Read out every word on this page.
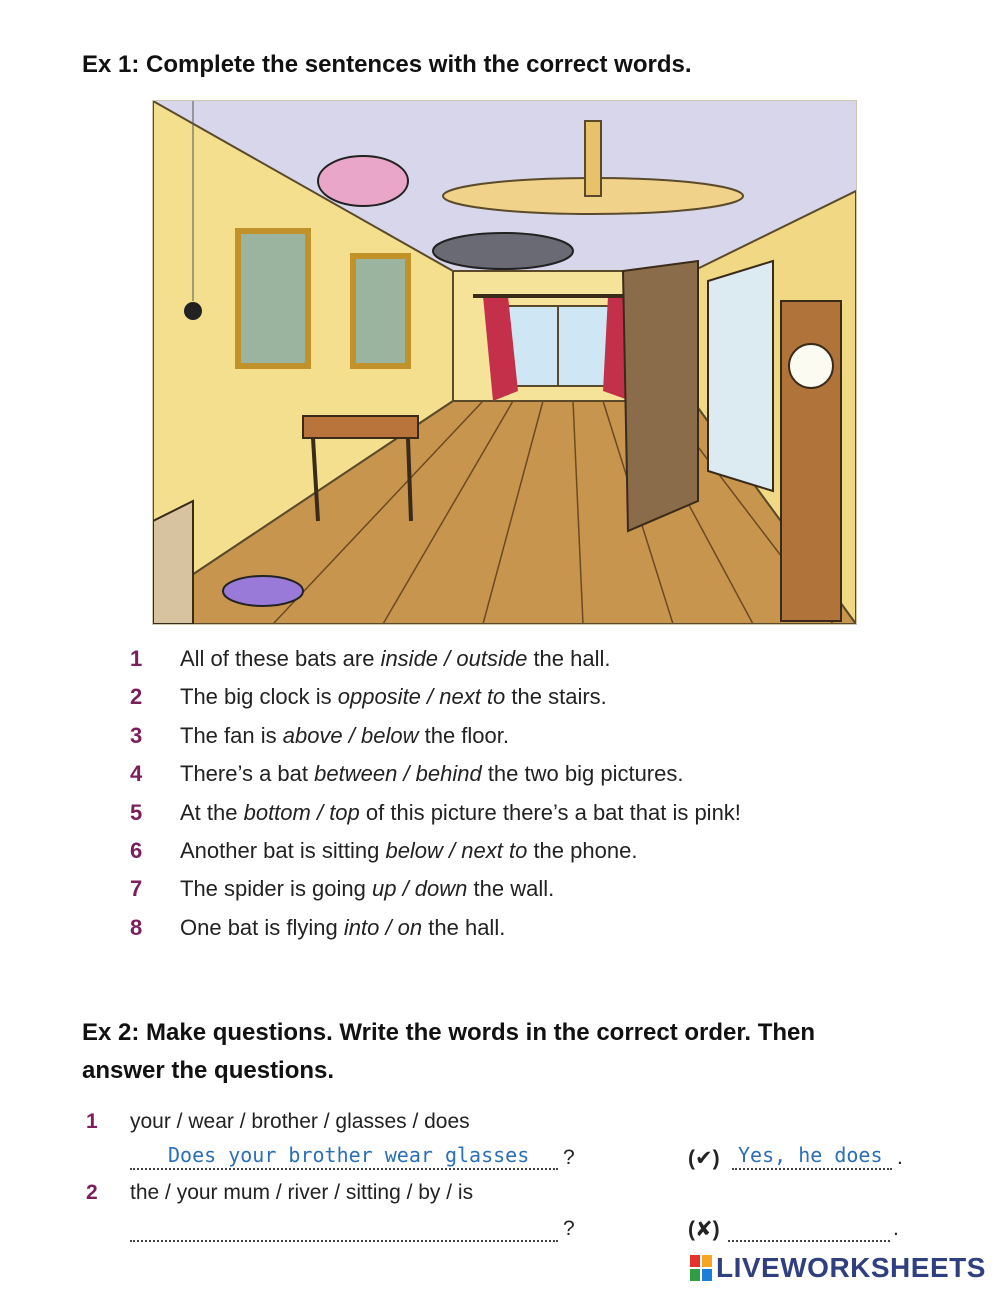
Ex 1: Complete the sentences with the correct words.
1 All of these bats are inside / outside the hall.
2 The big clock is opposite / next to the stairs.
3 The fan is above / below the floor.
4 There’s a bat between / behind the two big pictures.
5 At the bottom / top of this picture there’s a bat that is pink!
6 Another bat is sitting below / next to the phone.
7 The spider is going up / down the wall.
8 One bat is flying into / on the hall.
Ex 2: Make questions. Write the words in the correct order. Then answer the questions.
1 your / wear / brother / glasses / does
Does your brother wear glasses ?	(✔) Yes, he does .
2 the / your mum / river / sitting / by / is
?	(✘)	.
LIVEWORKSHEETS
